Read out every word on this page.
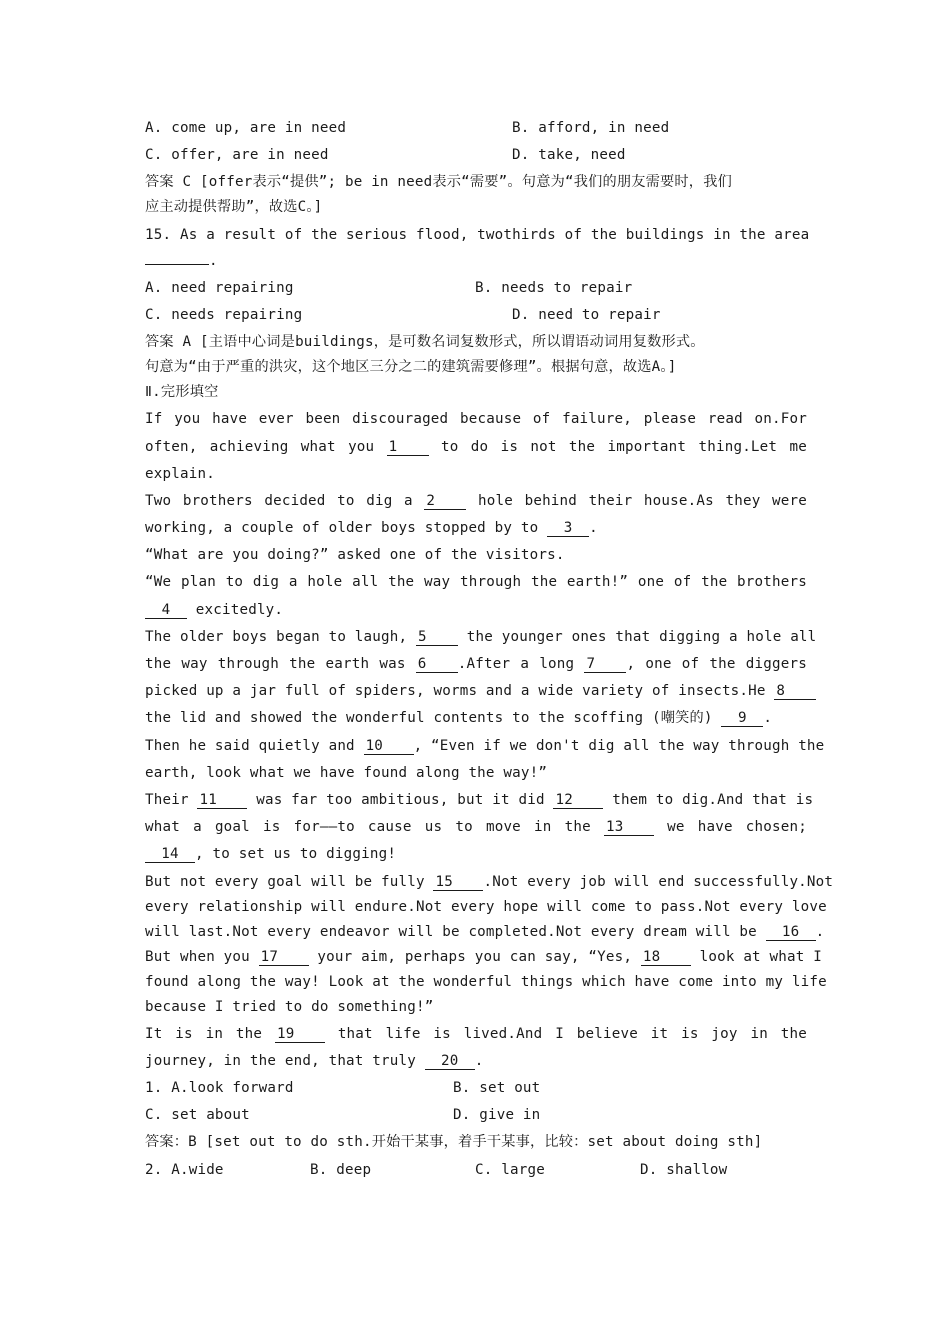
A. come up, are in need	B. afford, in need
C. offer, are in need	D. take, need
答案 C [offer表示“提供”; be in need表示“需要”。句意为“我们的朋友需要时，我们
应主动提供帮助”，故选C。]
15. As a result of the serious flood, twothirds of the buildings in the area
.
A. need repairing	B. needs to repair
C. needs repairing	D. need to repair
答案 A [主语中心词是buildings，是可数名词复数形式，所以谓语动词用复数形式。
句意为“由于严重的洪灾，这个地区三分之二的建筑需要修理”。根据句意，故选A。]
Ⅱ.完形填空
If you have ever been discouraged because of failure, please read on.For
often, achieving what you 1	to do is not the important thing.Let me
explain.
Two brothers decided to dig a 2	hole behind their house.As they were
working, a couple of older boys stopped by to 3 .
“What are you doing?” asked one of the visitors.
“We plan to dig a hole all the way through the earth!” one of the brothers
4 excitedly.
The older boys began to laugh, 5	the younger ones that digging a hole all
the way through the earth was 6 .After a long 7 , one of the diggers
picked up a jar full of spiders, worms and a wide variety of insects.He 8
the lid and showed the wonderful contents to the scoffing (嘲笑的) 9 .
Then he said quietly and 10 , “Even if we don't dig all the way through the
earth, look what we have found along the way!”
Their 11	was far too ambitious, but it did 12	them to dig.And that is
what a goal is for——to cause us to move in the 13	we have chosen;
14 , to set us to digging!
But not every goal will be fully 15 .Not every job will end successfully.Not
every relationship will endure.Not every hope will come to pass.Not every love
will last.Not every endeavor will be completed.Not every dream will be 16 .
But when you 17	your aim, perhaps you can say, “Yes, 18	look at what I
found along the way! Look at the wonderful things which have come into my life
because I tried to do something!”
It is in the 19	that life is lived.And I believe it is joy in the
journey, in the end, that truly 20 .
1. A.look forward	B. set out
C. set about	D. give in
答案：B [set out to do sth.开始干某事，着手干某事，比较：set about doing sth]
2. A.wide	B. deep	C. large	D. shallow
